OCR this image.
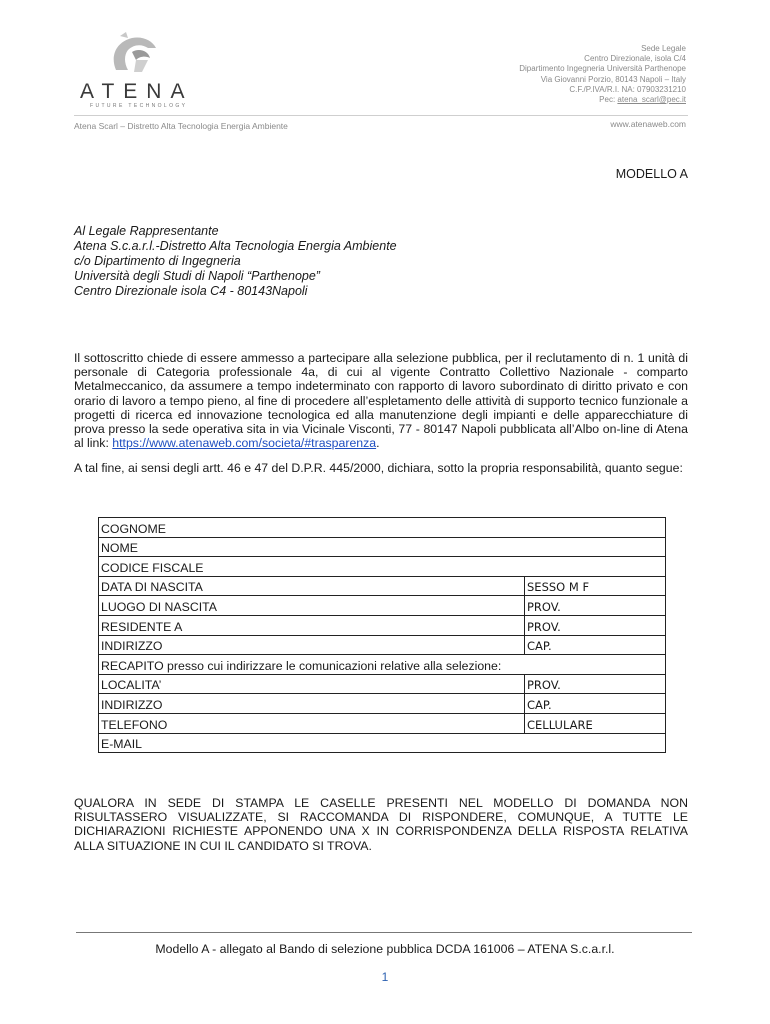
ATENA
FUTURE TECHNOLOGY
Sede Legale
Centro Direzionale, isola C/4
Dipartimento Ingegneria Università Parthenope
Via Giovanni Porzio, 80143 Napoli – Italy
C.F./P.IVA/R.I. NA: 07903231210
Pec: atena_scarl@pec.it
Atena Scarl – Distretto Alta Tecnologia Energia Ambiente	www.atenaweb.com
MODELLO A
Al Legale Rappresentante
Atena S.c.a.r.l.-Distretto Alta Tecnologia Energia Ambiente
c/o Dipartimento di Ingegneria
Università degli Studi di Napoli “Parthenope”
Centro Direzionale isola C4 - 80143Napoli
Il sottoscritto chiede di essere ammesso a partecipare alla selezione pubblica, per il reclutamento di n. 1 unità di personale di Categoria professionale 4a, di cui al vigente Contratto Collettivo Nazionale - comparto Metalmeccanico, da assumere a tempo indeterminato con rapporto di lavoro subordinato di diritto privato e con orario di lavoro a tempo pieno, al fine di procedere all’espletamento delle attività di supporto tecnico funzionale a progetti di ricerca ed innovazione tecnologica ed alla manutenzione degli impianti e delle apparecchiature di prova presso la sede operativa sita in via Vicinale Visconti, 77 - 80147 Napoli pubblicata all’Albo on-line di Atena al link: https://www.atenaweb.com/societa/#trasparenza.
A tal fine, ai sensi degli artt. 46 e 47 del D.P.R. 445/2000, dichiara, sotto la propria responsabilità, quanto segue:
COGNOME	
NOME	
CODICE FISCALE	
DATA DI NASCITA	SESSO M F
LUOGO DI NASCITA	PROV.
RESIDENTE A	PROV.
INDIRIZZO	CAP.
RECAPITO presso cui indirizzare le comunicazioni relative alla selezione:	
LOCALITA’	PROV.
INDIRIZZO	CAP.
TELEFONO	CELLULARE
E-MAIL	
QUALORA IN SEDE DI STAMPA LE CASELLE PRESENTI NEL MODELLO DI DOMANDA NON RISULTASSERO VISUALIZZATE, SI RACCOMANDA DI RISPONDERE, COMUNQUE, A TUTTE LE DICHIARAZIONI RICHIESTE APPONENDO UNA X IN CORRISPONDENZA DELLA RISPOSTA RELATIVA ALLA SITUAZIONE IN CUI IL CANDIDATO SI TROVA.
Modello A - allegato al Bando di selezione pubblica DCDA 161006 – ATENA S.c.a.r.l.
1
